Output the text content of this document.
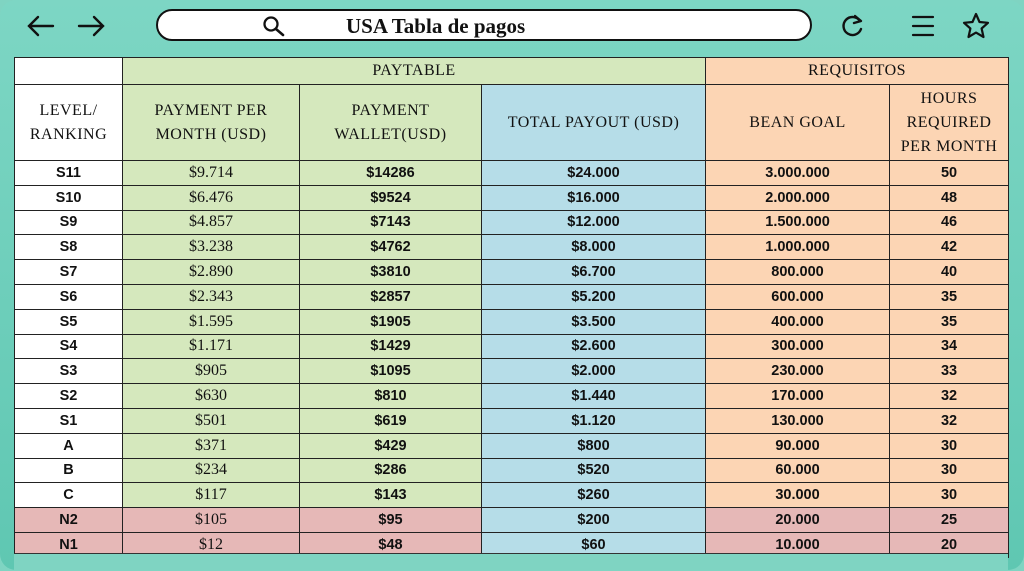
USA Tabla de pagos
	PAYTABLE			REQUISITOS	
LEVEL/ RANKING	PAYMENT PER MONTH (USD)	PAYMENT WALLET(USD)	TOTAL PAYOUT (USD)	BEAN GOAL	HOURS REQUIRED PER MONTH
S11	$9.714	$14286	$24.000	3.000.000	50
S10	$6.476	$9524	$16.000	2.000.000	48
S9	$4.857	$7143	$12.000	1.500.000	46
S8	$3.238	$4762	$8.000	1.000.000	42
S7	$2.890	$3810	$6.700	800.000	40
S6	$2.343	$2857	$5.200	600.000	35
S5	$1.595	$1905	$3.500	400.000	35
S4	$1.171	$1429	$2.600	300.000	34
S3	$905	$1095	$2.000	230.000	33
S2	$630	$810	$1.440	170.000	32
S1	$501	$619	$1.120	130.000	32
A	$371	$429	$800	90.000	30
B	$234	$286	$520	60.000	30
C	$117	$143	$260	30.000	30
N2	$105	$95	$200	20.000	25
N1	$12	$48	$60	10.000	20
